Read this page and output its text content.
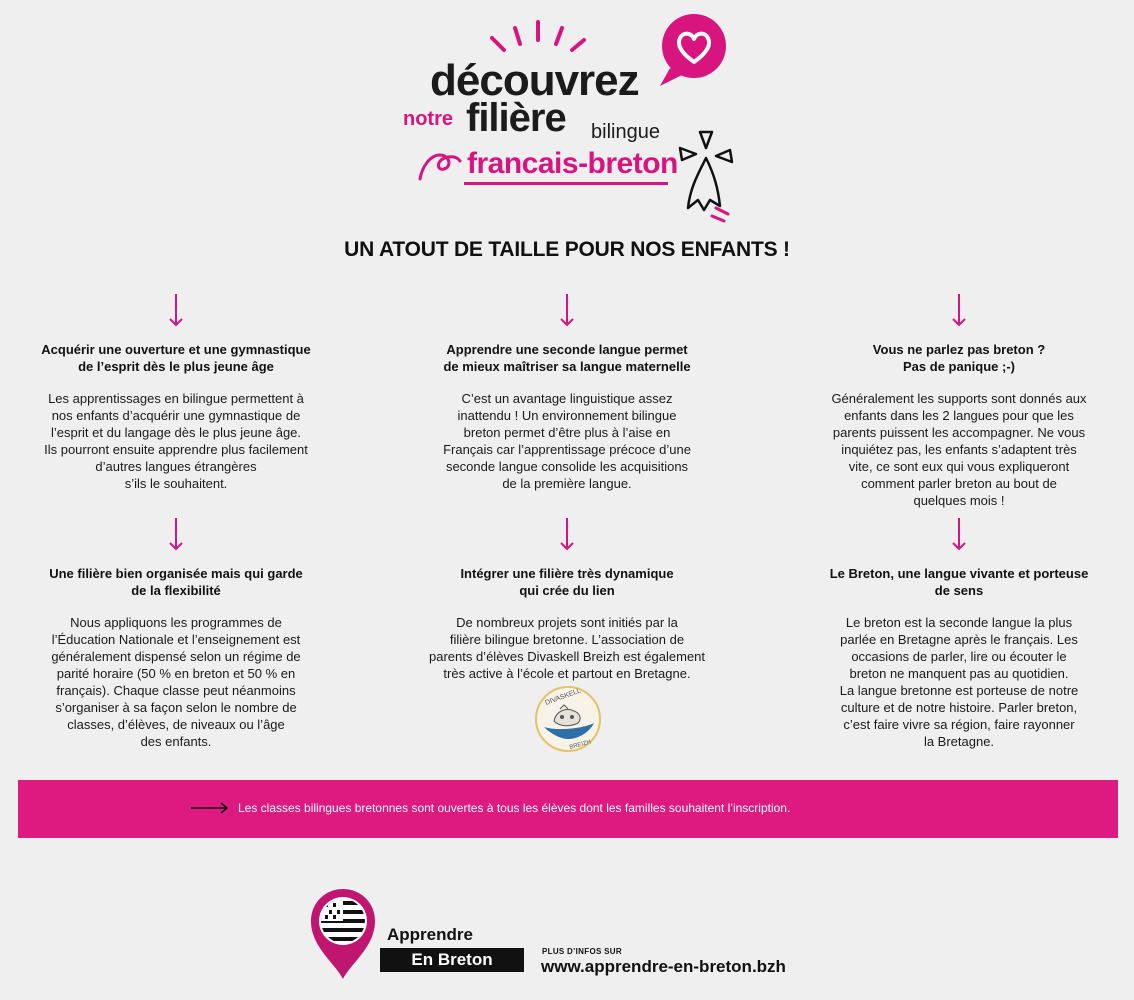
découvrez
notre filière bilingue
francais-breton
UN ATOUT DE TAILLE POUR NOS ENFANTS !
Acquérir une ouverture et une gymnastique
de l’esprit dès le plus jeune âge

Les apprentissages en bilingue permettent à
nos enfants d’acquérir une gymnastique de
l’esprit et du langage dès le plus jeune âge.
Ils pourront ensuite apprendre plus facilement
d’autres langues étrangères
s’ils le souhaitent.

Apprendre une seconde langue permet
de mieux maîtriser sa langue maternelle

C’est un avantage linguistique assez
inattendu ! Un environnement bilingue
breton permet d’être plus à l’aise en
Français car l’apprentissage précoce d’une
seconde langue consolide les acquisitions
de la première langue.

Vous ne parlez pas breton ?
Pas de panique ;-)

Généralement les supports sont donnés aux
enfants dans les 2 langues pour que les
parents puissent les accompagner. Ne vous
inquiétez pas, les enfants s’adaptent très
vite, ce sont eux qui vous expliqueront
comment parler breton au bout de
quelques mois !

Une filière bien organisée mais qui garde
de la flexibilité

Nous appliquons les programmes de
l’Éducation Nationale et l’enseignement est
généralement dispensé selon un régime de
parité horaire (50 % en breton et 50 % en
français). Chaque classe peut néanmoins
s’organiser à sa façon selon le nombre de
classes, d’élèves, de niveaux ou l’âge
des enfants.

Intégrer une filière très dynamique
qui crée du lien

De nombreux projets sont initiés par la
filière bilingue bretonne. L’association de
parents d’élèves Divaskell Breizh est également
très active à l’école et partout en Bretagne.

Le Breton, une langue vivante et porteuse
de sens

Le breton est la seconde langue la plus
parlée en Bretagne après le français. Les
occasions de parler, lire ou écouter le
breton ne manquent pas au quotidien.
La langue bretonne est porteuse de notre
culture et de notre histoire. Parler breton,
c’est faire vivre sa région, faire rayonner
la Bretagne.

DIVASKELL
BREIZH
Les classes bilingues bretonnes sont ouvertes à tous les élèves dont les familles souhaitent l’inscription.
Apprendre
En Breton	PLUS D’INFOS SUR
www.apprendre-en-breton.bzh
